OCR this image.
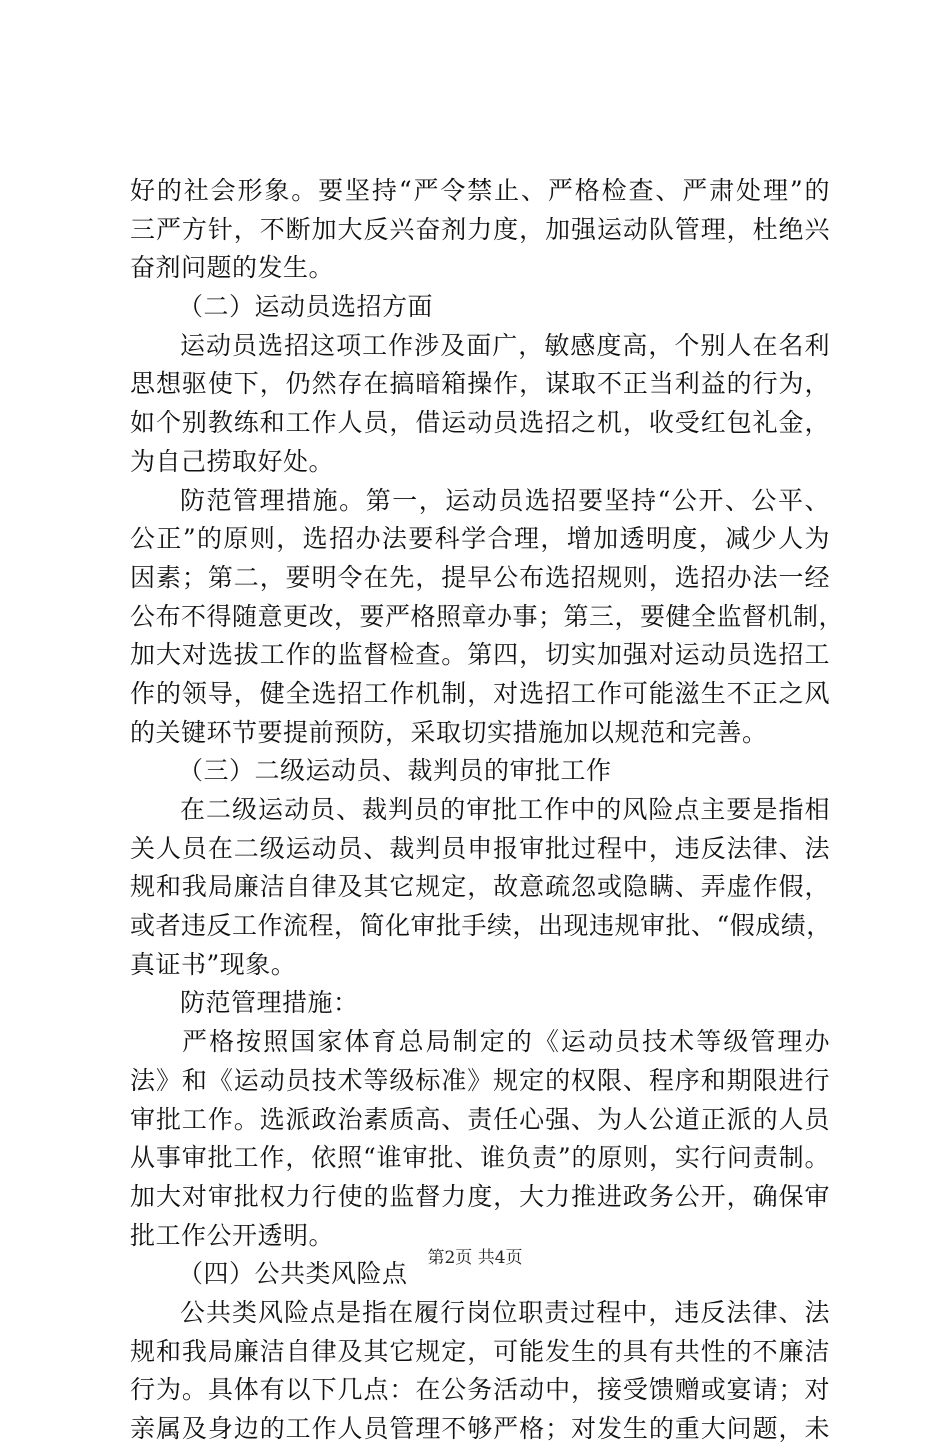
好的社会形象。要坚持“严令禁止、严格检查、严肃处理”的
三严方针，不断加大反兴奋剂力度，加强运动队管理，杜绝兴
奋剂问题的发生。
（二）运动员选招方面
运动员选招这项工作涉及面广，敏感度高，个别人在名利
思想驱使下，仍然存在搞暗箱操作，谋取不正当利益的行为，
如个别教练和工作人员，借运动员选招之机，收受红包礼金，
为自己捞取好处。
防范管理措施。第一，运动员选招要坚持“公开、公平、
公正”的原则，选招办法要科学合理，增加透明度，减少人为
因素；第二，要明令在先，提早公布选招规则，选招办法一经
公布不得随意更改，要严格照章办事；第三，要健全监督机制，
加大对选拔工作的监督检查。第四，切实加强对运动员选招工
作的领导，健全选招工作机制，对选招工作可能滋生不正之风
的关键环节要提前预防，采取切实措施加以规范和完善。
（三）二级运动员、裁判员的审批工作
在二级运动员、裁判员的审批工作中的风险点主要是指相
关人员在二级运动员、裁判员申报审批过程中，违反法律、法
规和我局廉洁自律及其它规定，故意疏忽或隐瞒、弄虚作假，
或者违反工作流程，简化审批手续，出现违规审批、“假成绩，
真证书”现象。
防范管理措施：
严格按照国家体育总局制定的《运动员技术等级管理办
法》和《运动员技术等级标准》规定的权限、程序和期限进行
审批工作。选派政治素质高、责任心强、为人公道正派的人员
从事审批工作，依照“谁审批、谁负责”的原则，实行问责制。
加大对审批权力行使的监督力度，大力推进政务公开，确保审
批工作公开透明。
（四）公共类风险点
公共类风险点是指在履行岗位职责过程中，违反法律、法
规和我局廉洁自律及其它规定，可能发生的具有共性的不廉洁
行为。具体有以下几点：在公务活动中，接受馈赠或宴请；对
亲属及身边的工作人员管理不够严格；对发生的重大问题，未
第2页 共4页
